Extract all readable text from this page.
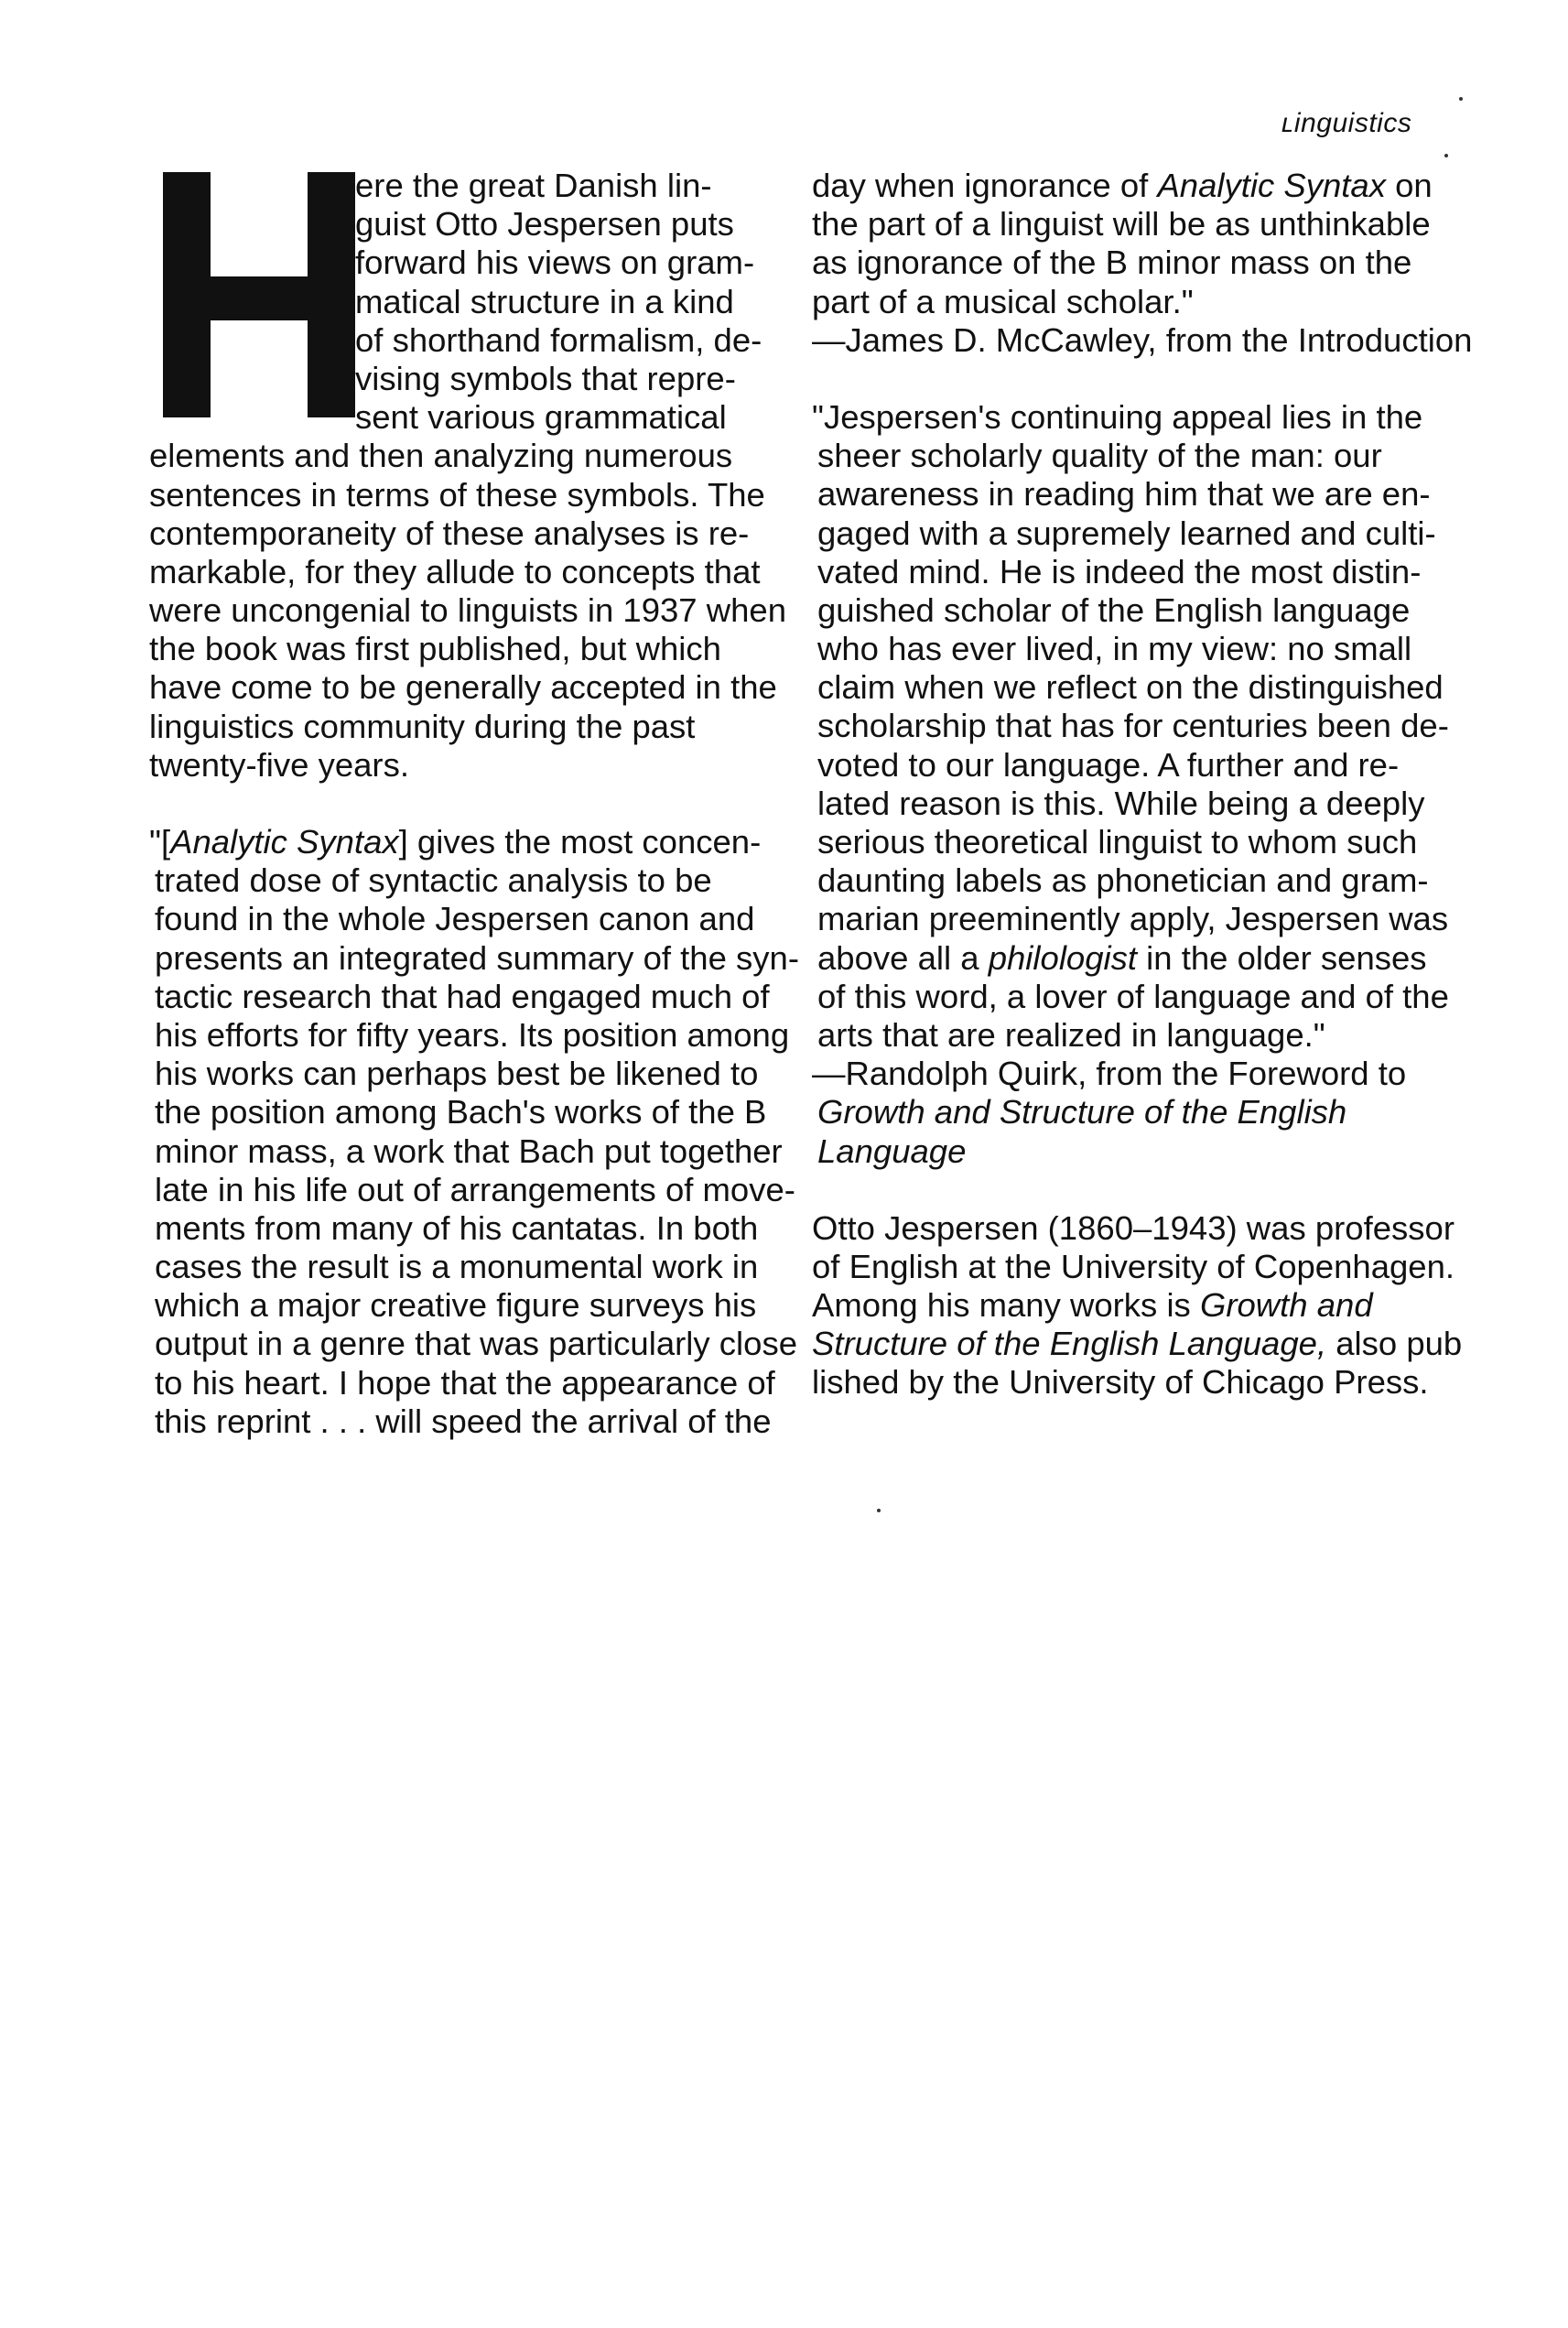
ʟinguistics
ere the great Danish lin-
guist Otto Jespersen puts
forward his views on gram-
matical structure in a kind
of shorthand formalism, de-
vising symbols that repre-
sent various grammatical
elements and then analyzing numerous
sentences in terms of these symbols. The
contemporaneity of these analyses is re-
markable, for they allude to concepts that
were uncongenial to linguists in 1937 when
the book was first published, but which
have come to be generally accepted in the
linguistics community during the past
twenty-five years.
"[Analytic Syntax] gives the most concen-
trated dose of syntactic analysis to be
found in the whole Jespersen canon and
presents an integrated summary of the syn-
tactic research that had engaged much of
his efforts for fifty years. Its position among
his works can perhaps best be likened to
the position among Bach's works of the B
minor mass, a work that Bach put together
late in his life out of arrangements of move-
ments from many of his cantatas. In both
cases the result is a monumental work in
which a major creative figure surveys his
output in a genre that was particularly close
to his heart. I hope that the appearance of
this reprint . . . will speed the arrival of the
day when ignorance of Analytic Syntax on
the part of a linguist will be as unthinkable
as ignorance of the B minor mass on the
part of a musical scholar."
—James D. McCawley, from the Introduction
"Jespersen's continuing appeal lies in the
sheer scholarly quality of the man: our
awareness in reading him that we are en-
gaged with a supremely learned and culti-
vated mind. He is indeed the most distin-
guished scholar of the English language
who has ever lived, in my view: no small
claim when we reflect on the distinguished
scholarship that has for centuries been de-
voted to our language. A further and re-
lated reason is this. While being a deeply
serious theoretical linguist to whom such
daunting labels as phonetician and gram-
marian preeminently apply, Jespersen was
above all a philologist in the older senses
of this word, a lover of language and of the
arts that are realized in language."
—Randolph Quirk, from the Foreword to
Growth and Structure of the English
Language
Otto Jespersen (1860–1943) was professor
of English at the University of Copenhagen.
Among his many works is Growth and
Structure of the English Language, also pub
lished by the University of Chicago Press.
